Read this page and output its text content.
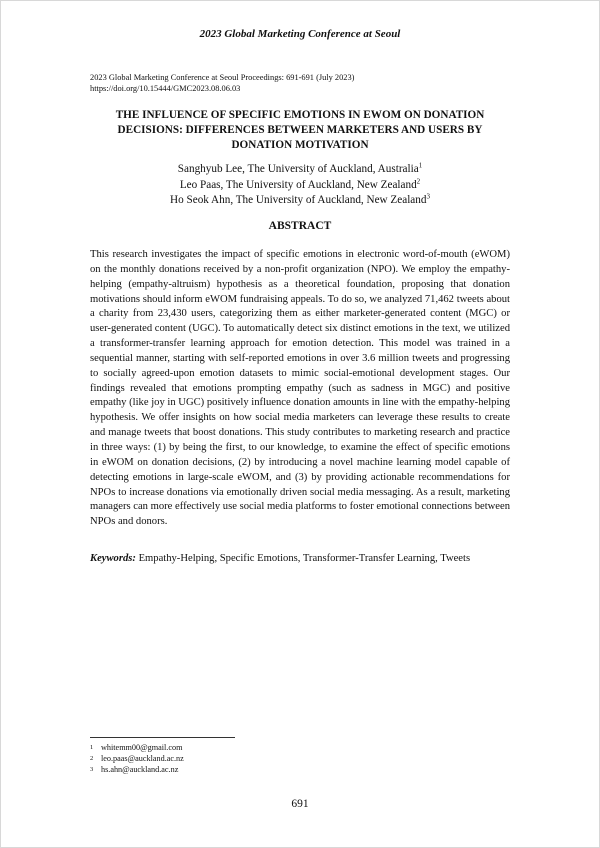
2023 Global Marketing Conference at Seoul
2023 Global Marketing Conference at Seoul Proceedings: 691-691 (July 2023)
https://doi.org/10.15444/GMC2023.08.06.03
THE INFLUENCE OF SPECIFIC EMOTIONS IN EWOM ON DONATION DECISIONS: DIFFERENCES BETWEEN MARKETERS AND USERS BY DONATION MOTIVATION
Sanghyub Lee, The University of Auckland, Australia$^1$
Leo Paas, The University of Auckland, New Zealand$^2$
Ho Seok Ahn, The University of Auckland, New Zealand$^3$
ABSTRACT
This research investigates the impact of specific emotions in electronic word-of-mouth (eWOM) on the monthly donations received by a non-profit organization (NPO). We employ the empathy-helping (empathy-altruism) hypothesis as a theoretical foundation, proposing that donation motivations should inform eWOM fundraising appeals. To do so, we analyzed 71,462 tweets about a charity from 23,430 users, categorizing them as either marketer-generated content (MGC) or user-generated content (UGC). To automatically detect six distinct emotions in the text, we utilized a transformer-transfer learning approach for emotion detection. This model was trained in a sequential manner, starting with self-reported emotions in over 3.6 million tweets and progressing to socially agreed-upon emotion datasets to mimic social-emotional development stages. Our findings revealed that emotions prompting empathy (such as sadness in MGC) and positive empathy (like joy in UGC) positively influence donation amounts in line with the empathy-helping hypothesis. We offer insights on how social media marketers can leverage these results to create and manage tweets that boost donations. This study contributes to marketing research and practice in three ways: (1) by being the first, to our knowledge, to examine the effect of specific emotions in eWOM on donation decisions, (2) by introducing a novel machine learning model capable of detecting emotions in large-scale eWOM, and (3) by providing actionable recommendations for NPOs to increase donations via emotionally driven social media messaging. As a result, marketing managers can more effectively use social media platforms to foster emotional connections between NPOs and donors.
Keywords: Empathy-Helping, Specific Emotions, Transformer-Transfer Learning, Tweets
1 whitemm00@gmail.com
2 leo.paas@auckland.ac.nz
3 hs.ahn@auckland.ac.nz
691
